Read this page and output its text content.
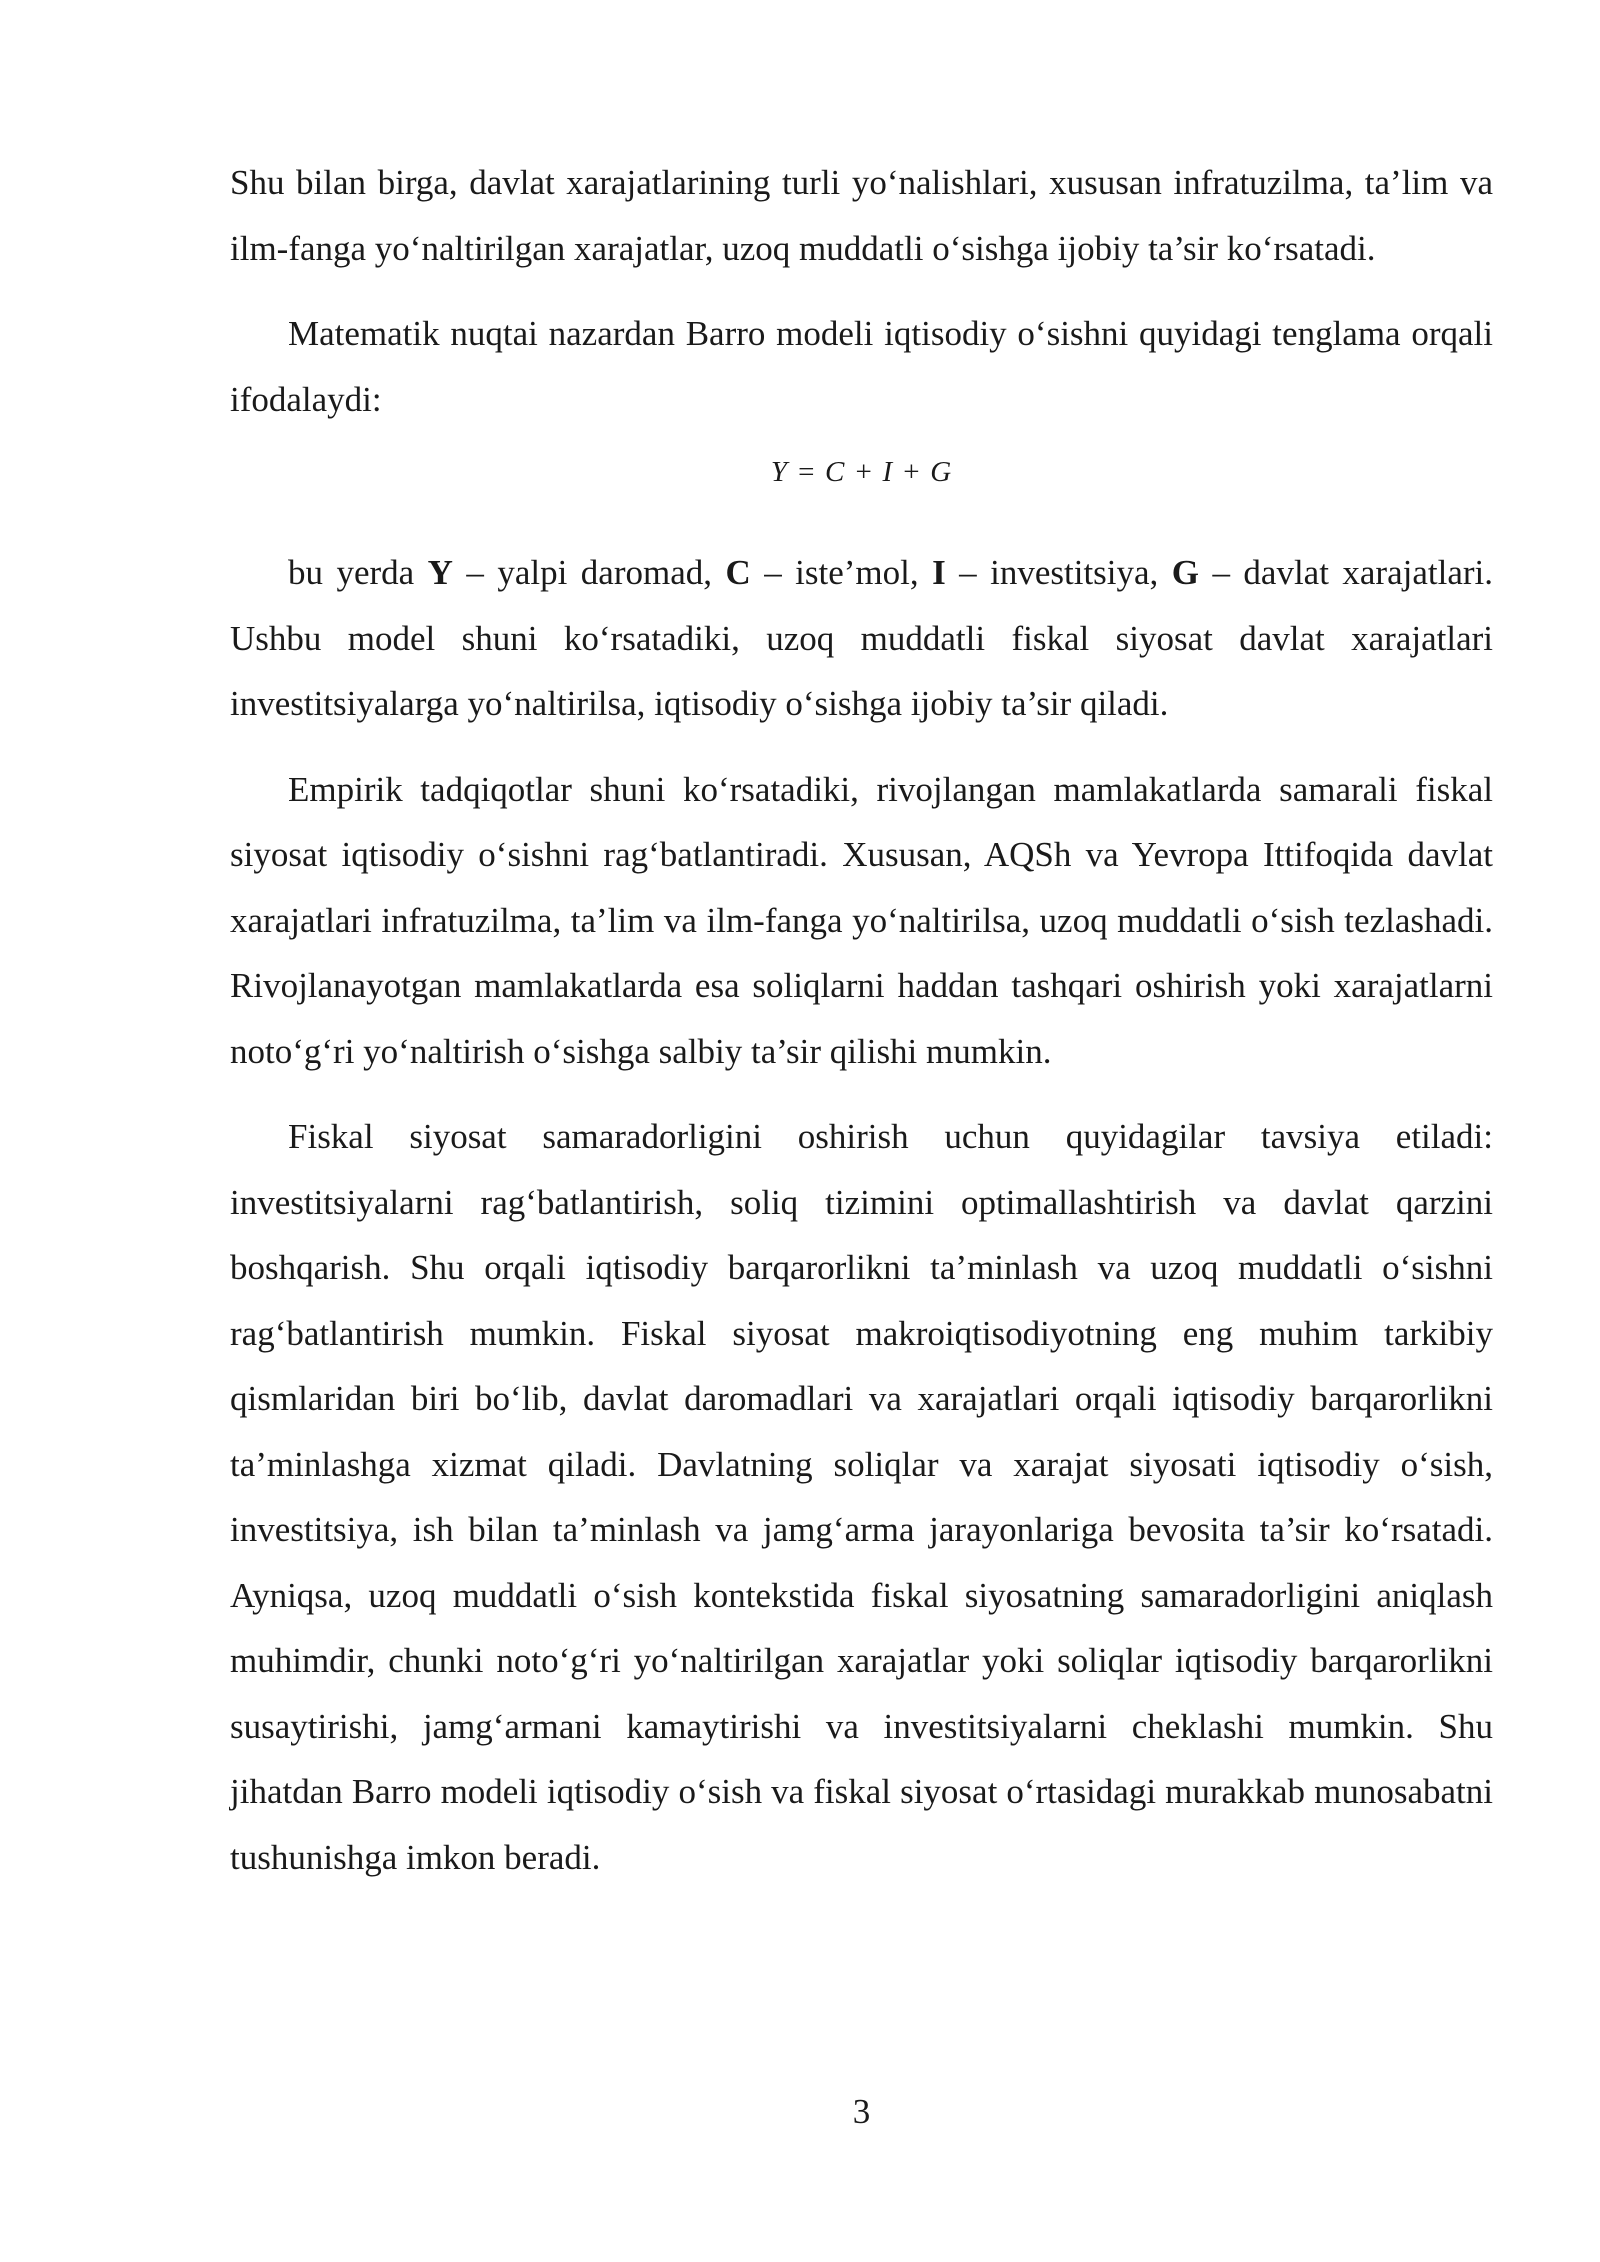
Shu bilan birga, davlat xarajatlarining turli yo‘nalishlari, xususan infratuzilma, ta’lim va ilm-fanga yo‘naltirilgan xarajatlar, uzoq muddatli o‘sishga ijobiy ta’sir ko‘rsatadi.

Matematik nuqtai nazardan Barro modeli iqtisodiy o‘sishni quyidagi tenglama orqali ifodalaydi:

Y = C + I + G

bu yerda Y – yalpi daromad, C – iste’mol, I – investitsiya, G – davlat xarajatlari. Ushbu model shuni ko‘rsatadiki, uzoq muddatli fiskal siyosat davlat xarajatlari investitsiyalarga yo‘naltirilsa, iqtisodiy o‘sishga ijobiy ta’sir qiladi.

Empirik tadqiqotlar shuni ko‘rsatadiki, rivojlangan mamlakatlarda samarali fiskal siyosat iqtisodiy o‘sishni rag‘batlantiradi. Xususan, AQSh va Yevropa Ittifoqida davlat xarajatlari infratuzilma, ta’lim va ilm-fanga yo‘naltirilsa, uzoq muddatli o‘sish tezlashadi. Rivojlanayotgan mamlakatlarda esa soliqlarni haddan tashqari oshirish yoki xarajatlarni noto‘g‘ri yo‘naltirish o‘sishga salbiy ta’sir qilishi mumkin.

Fiskal siyosat samaradorligini oshirish uchun quyidagilar tavsiya etiladi: investitsiyalarni rag‘batlantirish, soliq tizimini optimallashtirish va davlat qarzini boshqarish. Shu orqali iqtisodiy barqarorlikni ta’minlash va uzoq muddatli o‘sishni rag‘batlantirish mumkin. Fiskal siyosat makroiqtisodiyotning eng muhim tarkibiy qismlaridan biri bo‘lib, davlat daromadlari va xarajatlari orqali iqtisodiy barqarorlikni ta’minlashga xizmat qiladi. Davlatning soliqlar va xarajat siyosati iqtisodiy o‘sish, investitsiya, ish bilan ta’minlash va jamg‘arma jarayonlariga bevosita ta’sir ko‘rsatadi. Ayniqsa, uzoq muddatli o‘sish kontekstida fiskal siyosatning samaradorligini aniqlash muhimdir, chunki noto‘g‘ri yo‘naltirilgan xarajatlar yoki soliqlar iqtisodiy barqarorlikni susaytirishi, jamg‘armani kamaytirishi va investitsiyalarni cheklashi mumkin. Shu jihatdan Barro modeli iqtisodiy o‘sish va fiskal siyosat o‘rtasidagi murakkab munosabatni tushunishga imkon beradi.

3
